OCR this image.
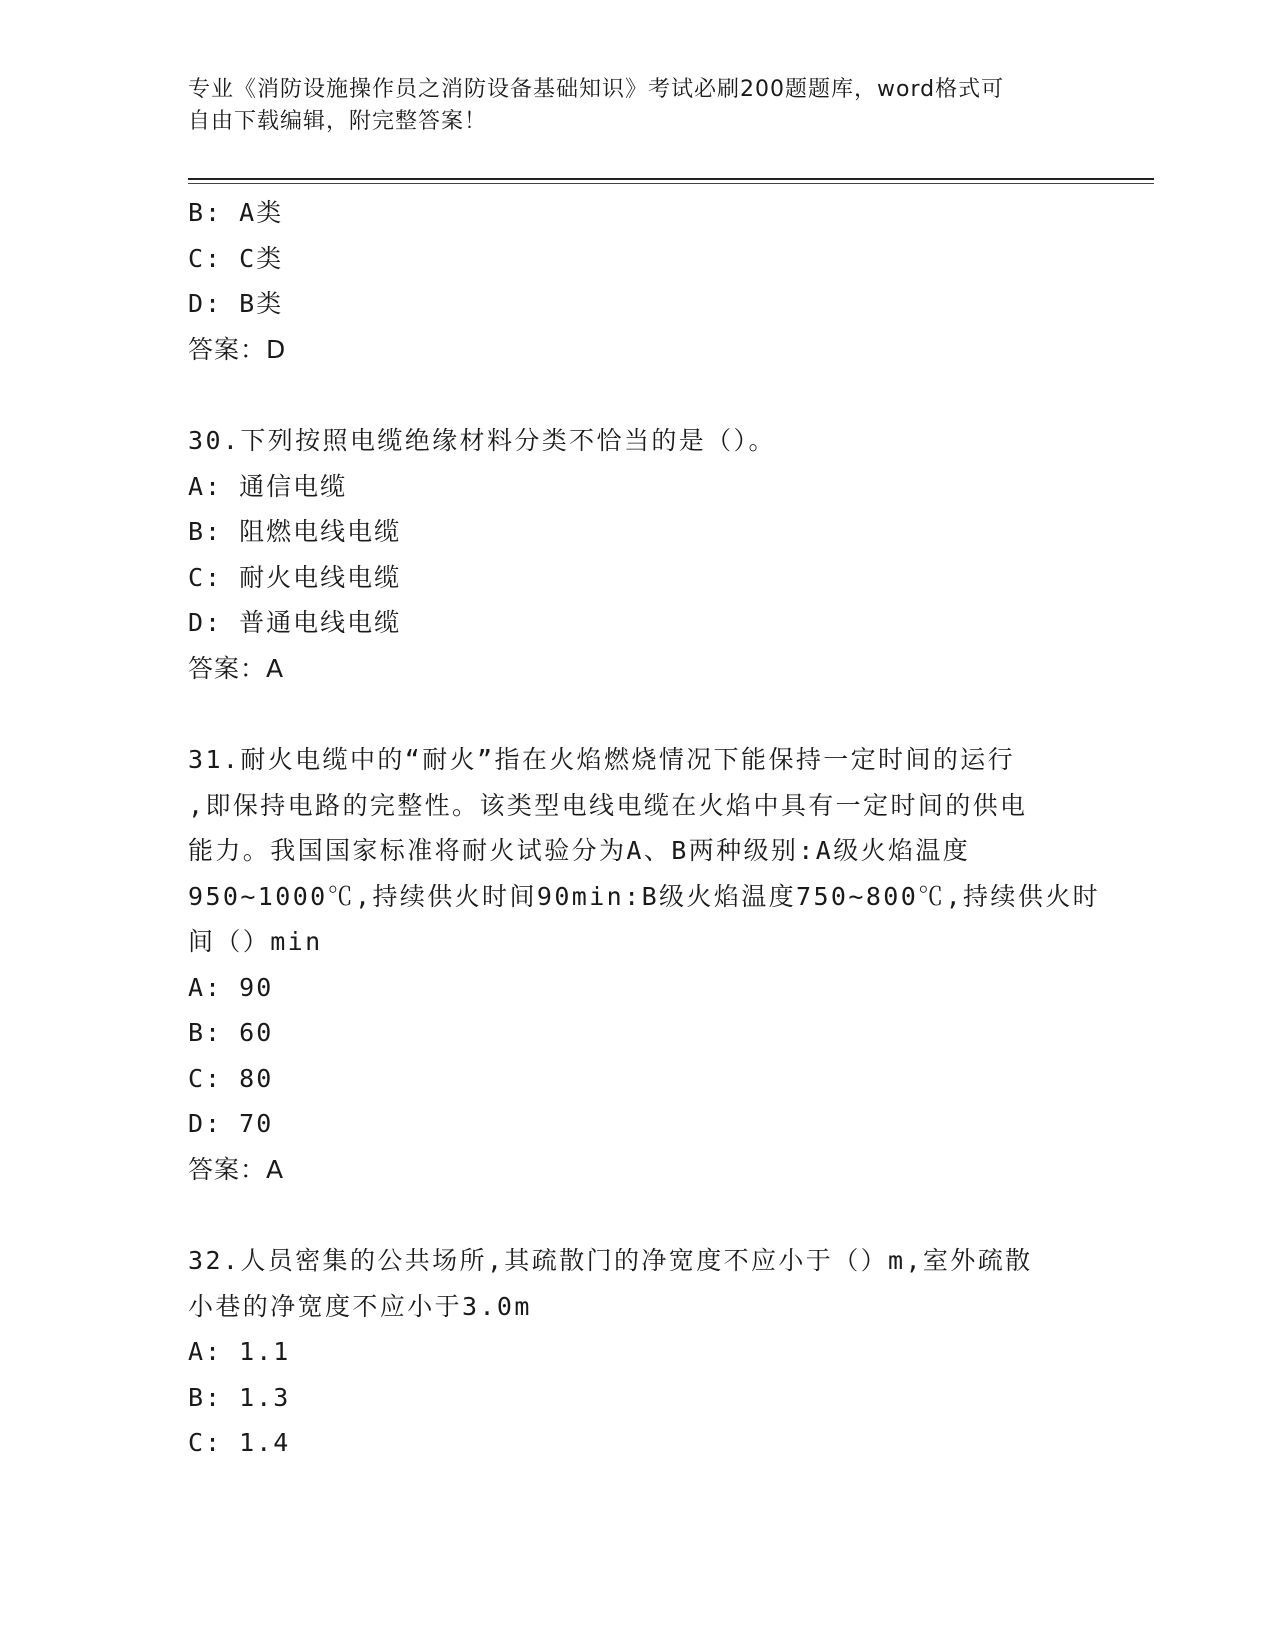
专业《消防设施操作员之消防设备基础知识》考试必刷200题题库，word格式可
自由下载编辑，附完整答案！
B: A类
C: C类
D: B类
答案：D
30.下列按照电缆绝缘材料分类不恰当的是（）。
A: 通信电缆
B: 阻燃电线电缆
C: 耐火电线电缆
D: 普通电线电缆
答案：A
31.耐火电缆中的“耐火”指在火焰燃烧情况下能保持一定时间的运行
,即保持电路的完整性。该类型电线电缆在火焰中具有一定时间的供电
能力。我国国家标准将耐火试验分为A、B两种级别:A级火焰温度
950~1000℃,持续供火时间90min:B级火焰温度750~800℃,持续供火时
间（）min
A: 90
B: 60
C: 80
D: 70
答案：A
32.人员密集的公共场所,其疏散门的净宽度不应小于（）m,室外疏散
小巷的净宽度不应小于3.0m
A: 1.1
B: 1.3
C: 1.4
